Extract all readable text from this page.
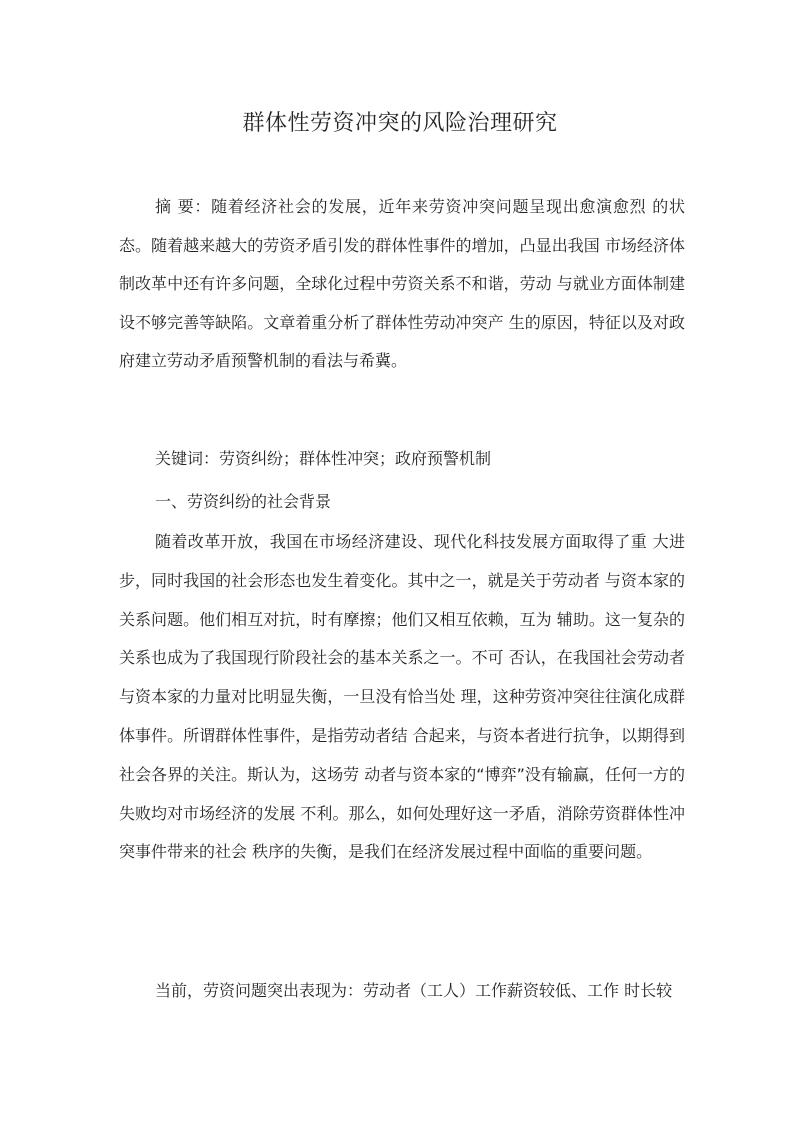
群体性劳资冲突的风险治理研究
摘 要：随着经济社会的发展，近年来劳资冲突问题呈现出愈演愈烈 的状态。随着越来越大的劳资矛盾引发的群体性事件的增加，凸显出我国 市场经济体制改革中还有许多问题，全球化过程中劳资关系不和谐，劳动 与就业方面体制建设不够完善等缺陷。文章着重分析了群体性劳动冲突产 生的原因，特征以及对政府建立劳动矛盾预警机制的看法与希冀。
关键词：劳资纠纷；群体性冲突；政府预警机制
一、劳资纠纷的社会背景
随着改革开放，我国在市场经济建设、现代化科技发展方面取得了重 大进步，同时我国的社会形态也发生着变化。其中之一，就是关于劳动者 与资本家的关系问题。他们相互对抗，时有摩擦；他们又相互依赖，互为 辅助。这一复杂的关系也成为了我国现行阶段社会的基本关系之一。不可 否认，在我国社会劳动者与资本家的力量对比明显失衡，一旦没有恰当处 理，这种劳资冲突往往演化成群体事件。所谓群体性事件，是指劳动者结 合起来，与资本者进行抗争，以期得到社会各界的关注。斯认为，这场劳 动者与资本家的“博弈”没有输赢，任何一方的失败均对市场经济的发展 不利。那么，如何处理好这一矛盾，消除劳资群体性冲突事件带来的社会 秩序的失衡，是我们在经济发展过程中面临的重要问题。
当前，劳资问题突出表现为：劳动者（工人）工作薪资较低、工作 时长较
